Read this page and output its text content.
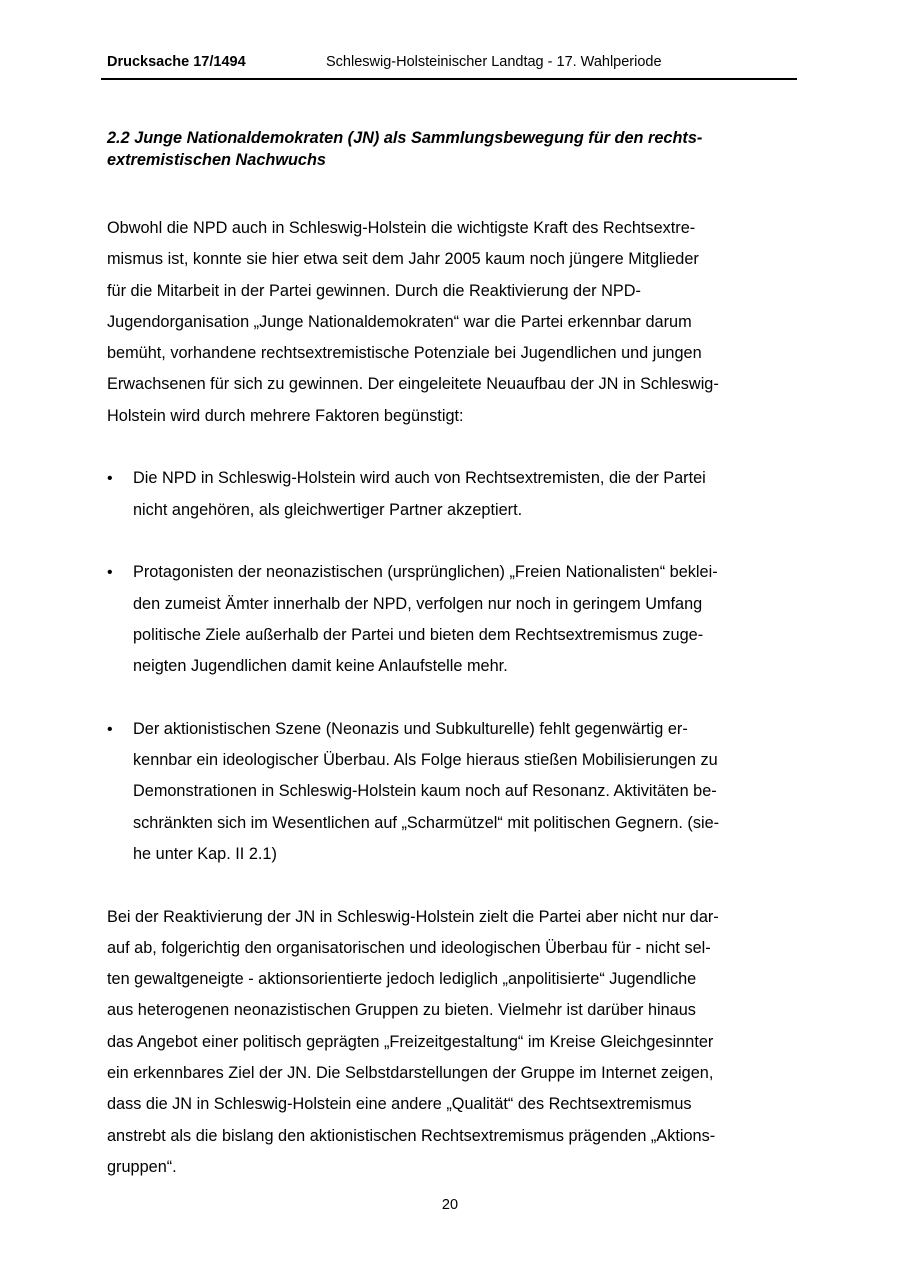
Drucksache 17/1494	Schleswig-Holsteinischer Landtag - 17. Wahlperiode
2.2 Junge Nationaldemokraten (JN) als Sammlungsbewegung für den rechts-
extremistischen Nachwuchs
Obwohl die NPD auch in Schleswig-Holstein die wichtigste Kraft des Rechtsextre-
mismus ist, konnte sie hier etwa seit dem Jahr 2005 kaum noch jüngere Mitglieder
für die Mitarbeit in der Partei gewinnen. Durch die Reaktivierung der NPD-
Jugendorganisation „Junge Nationaldemokraten“ war die Partei erkennbar darum
bemüht, vorhandene rechtsextremistische Potenziale bei Jugendlichen und jungen
Erwachsenen für sich zu gewinnen. Der eingeleitete Neuaufbau der JN in Schleswig-
Holstein wird durch mehrere Faktoren begünstigt:
•	Die NPD in Schleswig-Holstein wird auch von Rechtsextremisten, die der Partei
nicht angehören, als gleichwertiger Partner akzeptiert.
•	Protagonisten der neonazistischen (ursprünglichen) „Freien Nationalisten“ beklei-
den zumeist Ämter innerhalb der NPD, verfolgen nur noch in geringem Umfang
politische Ziele außerhalb der Partei und bieten dem Rechtsextremismus zuge-
neigten Jugendlichen damit keine Anlaufstelle mehr.
•	Der aktionistischen Szene (Neonazis und Subkulturelle) fehlt gegenwärtig er-
kennbar ein ideologischer Überbau. Als Folge hieraus stießen Mobilisierungen zu
Demonstrationen in Schleswig-Holstein kaum noch auf Resonanz. Aktivitäten be-
schränkten sich im Wesentlichen auf „Scharmützel“ mit politischen Gegnern. (sie-
he unter Kap. II 2.1)
Bei der Reaktivierung der JN in Schleswig-Holstein zielt die Partei aber nicht nur dar-
auf ab, folgerichtig den organisatorischen und ideologischen Überbau für - nicht sel-
ten gewaltgeneigte - aktionsorientierte jedoch lediglich „anpolitisierte“ Jugendliche
aus heterogenen neonazistischen Gruppen zu bieten. Vielmehr ist darüber hinaus
das Angebot einer politisch geprägten „Freizeitgestaltung“ im Kreise Gleichgesinnter
ein erkennbares Ziel der JN. Die Selbstdarstellungen der Gruppe im Internet zeigen,
dass die JN in Schleswig-Holstein eine andere „Qualität“ des Rechtsextremismus
anstrebt als die bislang den aktionistischen Rechtsextremismus prägenden „Aktions-
gruppen“.
20
